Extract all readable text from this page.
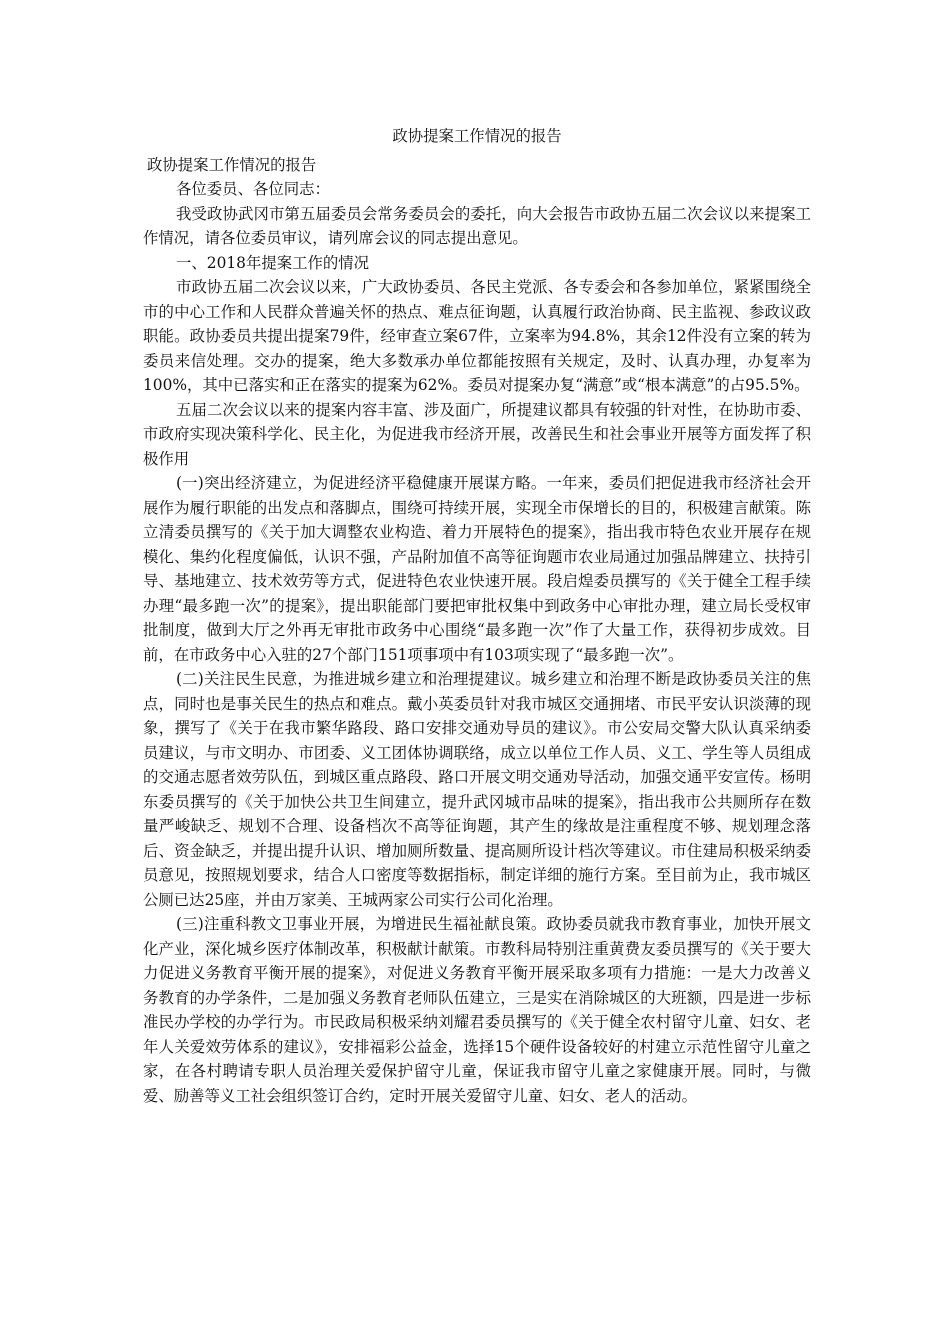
政协提案工作情况的报告

政协提案工作情况的报告

各位委员、各位同志：

我受政协武冈市第五届委员会常务委员会的委托，向大会报告市政协五届二次会议以来提案工作情况，请各位委员审议，请列席会议的同志提出意见。

一、2018年提案工作的情况

市政协五届二次会议以来，广大政协委员、各民主党派、各专委会和各参加单位，紧紧围绕全市的中心工作和人民群众普遍关怀的热点、难点征询题，认真履行政治协商、民主监视、参政议政职能。政协委员共提出提案79件，经审查立案67件，立案率为94.8%，其余12件没有立案的转为委员来信处理。交办的提案，绝大多数承办单位都能按照有关规定，及时、认真办理，办复率为100%，其中已落实和正在落实的提案为62%。委员对提案办复“满意”或“根本满意”的占95.5%。

五届二次会议以来的提案内容丰富、涉及面广，所提建议都具有较强的针对性，在协助市委、市政府实现决策科学化、民主化，为促进我市经济开展，改善民生和社会事业开展等方面发挥了积极作用

(一)突出经济建立，为促进经济平稳健康开展谋方略。一年来，委员们把促进我市经济社会开展作为履行职能的出发点和落脚点，围绕可持续开展，实现全市保增长的目的，积极建言献策。陈立清委员撰写的《关于加大调整农业构造、着力开展特色的提案》，指出我市特色农业开展存在规模化、集约化程度偏低，认识不强，产品附加值不高等征询题市农业局通过加强品牌建立、扶持引导、基地建立、技术效劳等方式，促进特色农业快速开展。段启煌委员撰写的《关于健全工程手续办理“最多跑一次”的提案》，提出职能部门要把审批权集中到政务中心审批办理，建立局长受权审批制度，做到大厅之外再无审批市政务中心围绕“最多跑一次”作了大量工作，获得初步成效。目前，在市政务中心入驻的27个部门151项事项中有103项实现了“最多跑一次”。

(二)关注民生民意，为推进城乡建立和治理提建议。城乡建立和治理不断是政协委员关注的焦点，同时也是事关民生的热点和难点。戴小英委员针对我市城区交通拥堵、市民平安认识淡薄的现象，撰写了《关于在我市繁华路段、路口安排交通劝导员的建议》。市公安局交警大队认真采纳委员建议，与市文明办、市团委、义工团体协调联络，成立以单位工作人员、义工、学生等人员组成的交通志愿者效劳队伍，到城区重点路段、路口开展文明交通劝导活动，加强交通平安宣传。杨明东委员撰写的《关于加快公共卫生间建立，提升武冈城市品味的提案》，指出我市公共厕所存在数量严峻缺乏、规划不合理、设备档次不高等征询题，其产生的缘故是注重程度不够、规划理念落后、资金缺乏，并提出提升认识、增加厕所数量、提高厕所设计档次等建议。市住建局积极采纳委员意见，按照规划要求，结合人口密度等数据指标，制定详细的施行方案。至目前为止，我市城区公厕已达25座，并由万家美、王城两家公司实行公司化治理。

(三)注重科教文卫事业开展，为增进民生福祉献良策。政协委员就我市教育事业，加快开展文化产业，深化城乡医疗体制改革，积极献计献策。市教科局特别注重黄费友委员撰写的《关于要大力促进义务教育平衡开展的提案》，对促进义务教育平衡开展采取多项有力措施：一是大力改善义务教育的办学条件，二是加强义务教育老师队伍建立，三是实在消除城区的大班额，四是进一步标准民办学校的办学行为。市民政局积极采纳刘耀君委员撰写的《关于健全农村留守儿童、妇女、老年人关爱效劳体系的建议》，安排福彩公益金，选择15个硬件设备较好的村建立示范性留守儿童之家，在各村聘请专职人员治理关爱保护留守儿童，保证我市留守儿童之家健康开展。同时，与微爱、励善等义工社会组织签订合约，定时开展关爱留守儿童、妇女、老人的活动。
